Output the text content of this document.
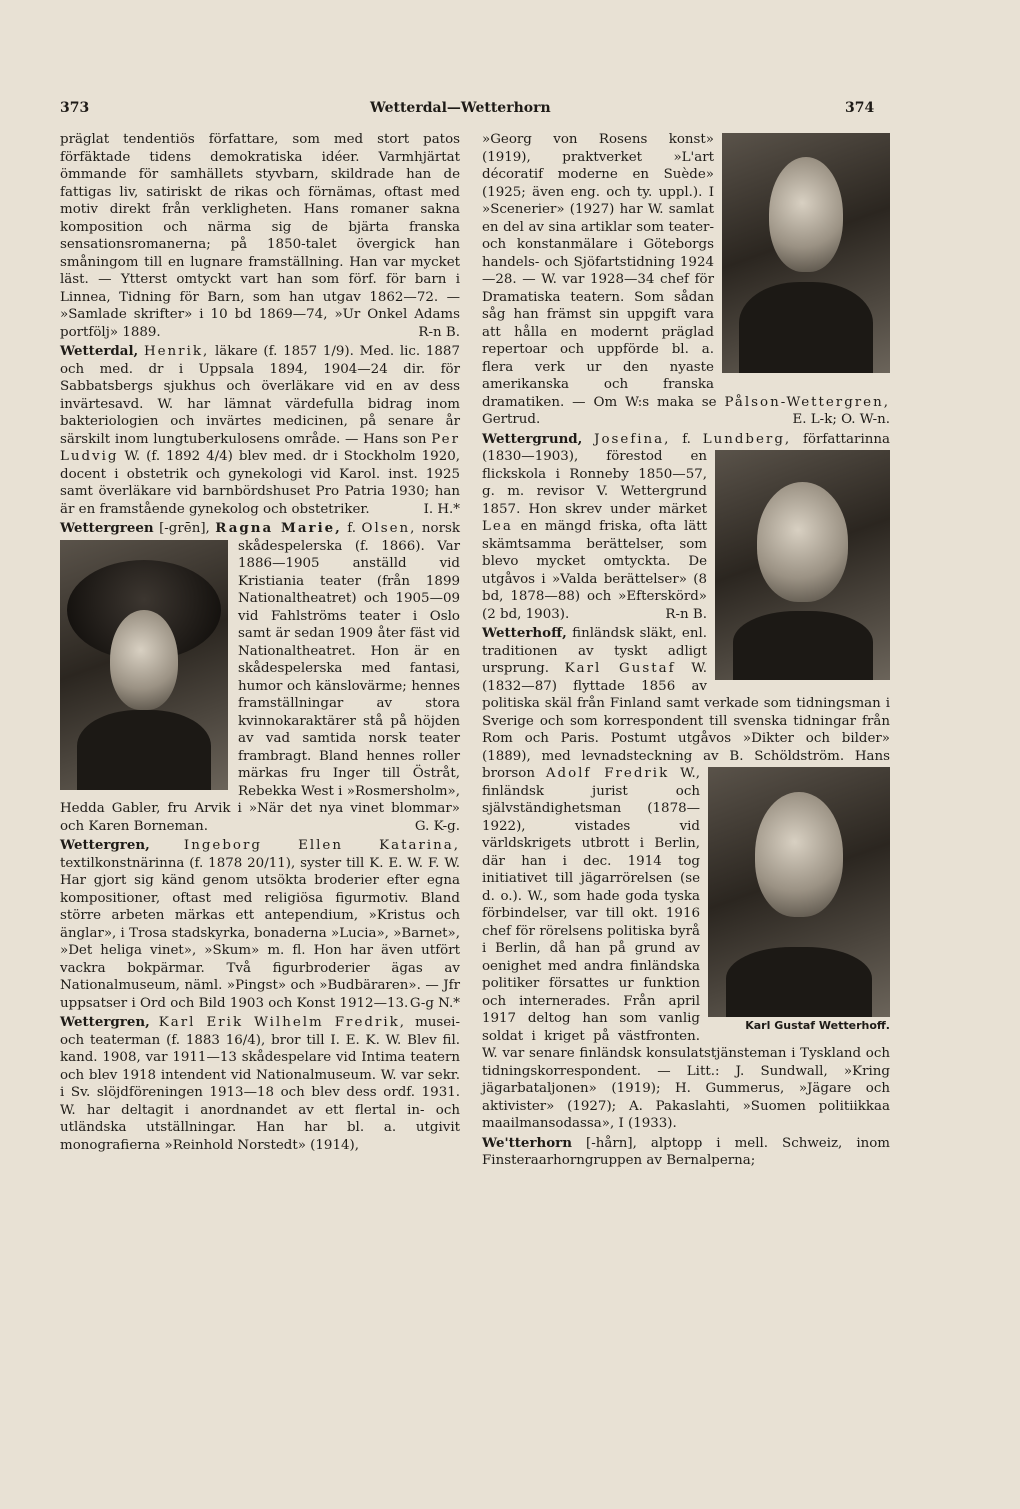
373	Wetterdal—Wetterhorn	374

präglat tendentiös författare, som med stort patos förfäktade tidens demokratiska idéer. Varmhjärtat ömmande för samhällets styvbarn, skildrade han de fattigas liv, satiriskt de rikas och förnämas, oftast med motiv direkt från verkligheten. Hans romaner sakna komposition och närma sig de bjärta franska sensationsromanerna; på 1850-talet övergick han småningom till en lugnare framställning. Han var mycket läst. — Ytterst omtyckt vart han som förf. för barn i Linnea, Tidning för Barn, som han utgav 1862—72. — »Samlade skrifter» i 10 bd 1869—74, »Ur Onkel Adams portfölj» 1889.	R-n B.

Wetterdal, Henrik, läkare (f. 1857 1/9). Med. lic. 1887 och med. dr i Uppsala 1894, 1904—24 dir. för Sabbatsbergs sjukhus och överläkare vid en av dess invärtesavd. W. har lämnat värdefulla bidrag inom bakteriologien och invärtes medicinen, på senare år särskilt inom lungtuberkulosens område. — Hans son Per Ludvig W. (f. 1892 4/4) blev med. dr i Stockholm 1920, docent i obstetrik och gynekologi vid Karol. inst. 1925 samt överläkare vid barnbördshuset Pro Patria 1930; han är en framstående gynekolog och obstetriker.	I. H.*

Wettergreen [-grēn], Ragna Marie, f. Olsen, norsk skådespelerska (f. 1866). Var 1886—1905 anställd vid Kristiania teater (från 1899 Nationaltheatret) och 1905—09 vid Fahlströms teater i Oslo samt är sedan 1909 åter fäst vid Nationaltheatret. Hon är en skådespelerska med fantasi, humor och känslovärme; hennes framställningar av stora kvinnokaraktärer stå på höjden av vad samtida norsk teater frambragt. Bland hennes roller märkas fru Inger till Östråt, Rebekka West i »Rosmersholm», Hedda Gabler, fru Arvik i »När det nya vinet blommar» och Karen Borneman.	G. K-g.

Wettergren,	Ingeborg Ellen Katarina, textilkonstnärinna (f. 1878 20/11), syster till K. E. W. F. W. Har gjort sig känd genom utsökta broderier efter egna kompositioner, oftast med religiösa figurmotiv. Bland större arbeten märkas ett antependium, »Kristus och änglar», i Trosa stadskyrka, bonaderna »Lucia», »Barnet», »Det heliga vinet», »Skum» m. fl. Hon har även utfört vackra bokpärmar. Två figurbroderier ägas av Nationalmuseum, näml. »Pingst» och »Budbäraren». — Jfr uppsatser i Ord och Bild 1903 och Konst 1912—13. G-g N.*

Wettergren, Karl Erik Wilhelm Fredrik, musei- och teaterman (f. 1883 16/4), bror till I. E. K. W. Blev fil. kand. 1908, var 1911—13 skådespelare vid Intima teatern och blev 1918 intendent vid Nationalmuseum. W. var sekr. i Sv. slöjdföreningen 1913—18 och blev dess ordf. 1931. W. har deltagit i anordnandet av ett flertal in- och utländska utställningar. Han har bl. a. utgivit monografierna »Reinhold Norstedt» (1914),

»Georg von Rosens konst» (1919), praktverket »L'art décoratif moderne en Suède» (1925; även eng. och ty. uppl.). I »Scenerier» (1927) har W. samlat en del av sina artiklar som teater- och konstanmälare i Göteborgs handels- och Sjöfartstidning 1924—28. — W. var 1928—34 chef för Dramatiska teatern. Som sådan såg han främst sin uppgift vara att hålla en modernt präglad repertoar och uppförde bl. a. flera verk ur den nyaste amerikanska och franska dramatiken. — Om W:s maka se Pålson-Wettergren, Gertrud.	E. L-k; O. W-n.

Wettergrund, Josefina, f. Lundberg, författarinna (1830—1903), förestod en flickskola i Ronneby 1850—57, g. m. revisor V. Wettergrund 1857. Hon skrev under märket Lea en mängd friska, ofta lätt skämtsamma berättelser, som blevo mycket omtyckta. De utgåvos i »Valda berättelser» (8 bd, 1878—88) och »Efterskörd» (2 bd, 1903).	R-n B.

Wetterhoff, finländsk släkt, enl. traditionen av tyskt adligt ursprung. Karl Gustaf W. (1832—87) flyttade 1856 av politiska skäl från Finland samt verkade som tidningsman i Sverige och som korrespondent till svenska tidningar från Rom och Paris. Postumt utgåvos »Dikter och bilder» (1889), med levnadsteckning av B. Schöldström. Hans brorson
Karl Gustaf Wetterhoff.
Adolf Fredrik W., finländsk jurist och självständighetsman (1878—1922), vistades vid världskrigets utbrott i Berlin, där han i dec. 1914 tog initiativet till jägarrörelsen (se d. o.). W., som hade goda tyska förbindelser, var till okt. 1916 chef för rörelsens politiska byrå i Berlin, då han på grund av oenighet med andra finländska politiker försattes ur funktion och internerades. Från april 1917 deltog han som vanlig soldat i kriget på västfronten. W. var senare finländsk konsulatstjänsteman i Tyskland och tidningskorrespondent. — Litt.: J. Sundwall, »Kring jägarbataljonen» (1919); H. Gummerus, »Jägare och aktivister» (1927); A. Pakaslahti, »Suomen politiikkaa maailmansodassa», I (1933).

We'tterhorn [-hårn], alptopp i mell. Schweiz, inom Finsteraarhorngruppen av Bernalperna;
